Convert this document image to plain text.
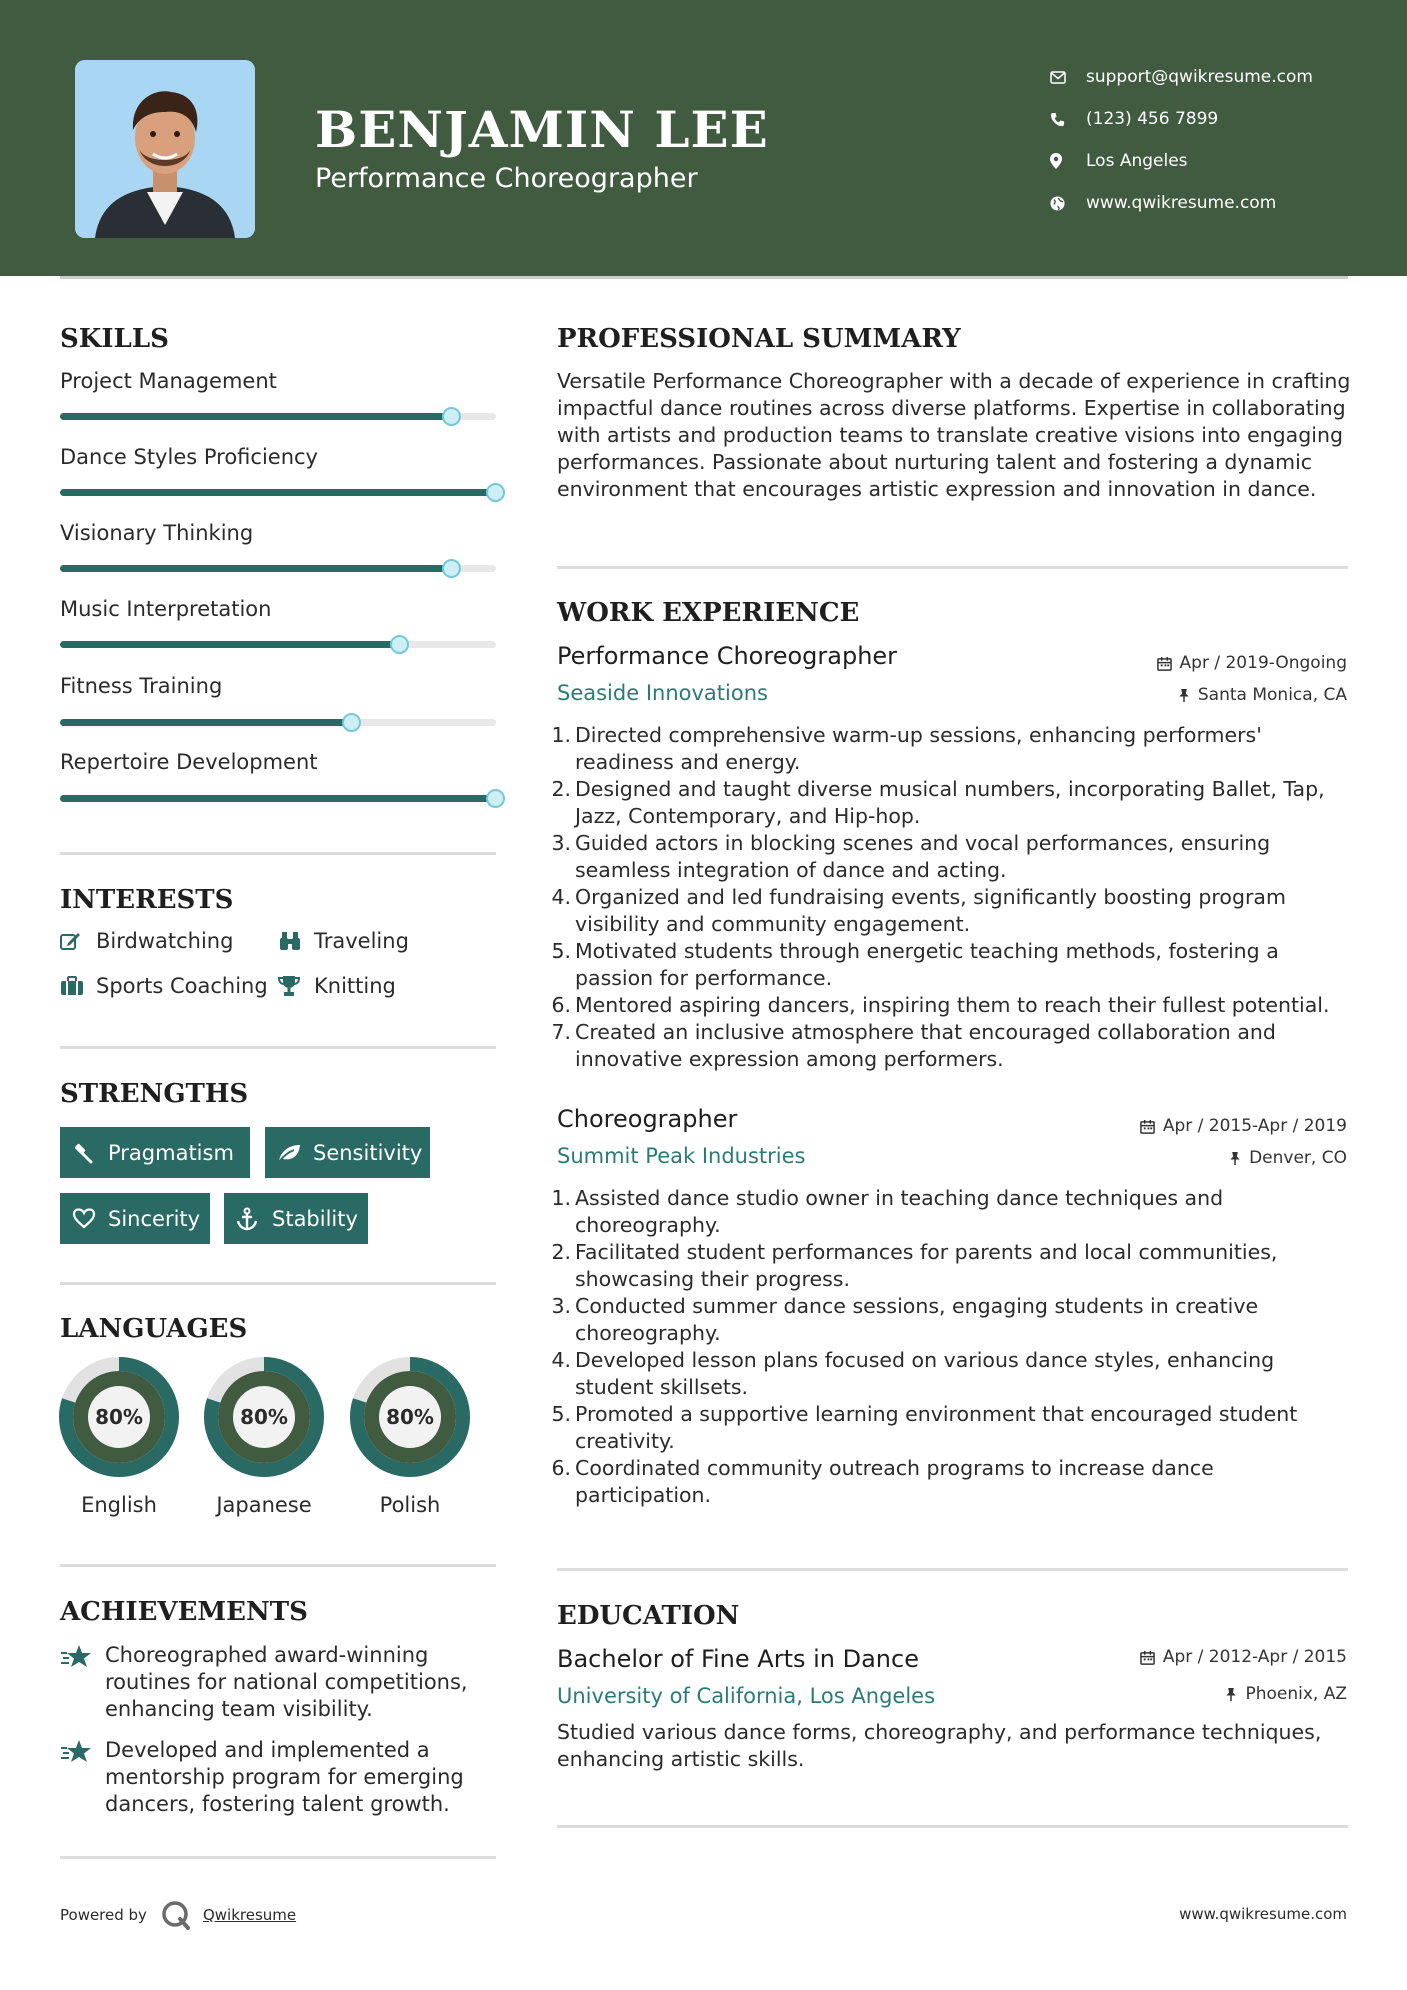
BENJAMIN LEE
Performance Choreographer
support@qwikresume.com
(123) 456 7899
Los Angeles
www.qwikresume.com
SKILLS
Project Management
Dance Styles Proficiency
Visionary Thinking
Music Interpretation
Fitness Training
Repertoire Development
INTERESTS
Birdwatching	Traveling
Sports Coaching Knitting
STRENGTHS
Pragmatism	Sensitivity
Sincerity	Stability
LANGUAGES
80%	80%	80%
English	Japanese	Polish
ACHIEVEMENTS
Choreographed award-winning routines for national competitions, enhancing team visibility.
Developed and implemented a mentorship program for emerging dancers, fostering talent growth.
PROFESSIONAL SUMMARY
Versatile Performance Choreographer with a decade of experience in crafting impactful dance routines across diverse platforms. Expertise in collaborating with artists and production teams to translate creative visions into engaging performances. Passionate about nurturing talent and fostering a dynamic environment that encourages artistic expression and innovation in dance.
WORK EXPERIENCE
Performance Choreographer
Seaside Innovations
Apr / 2019-Ongoing
Santa Monica, CA
1. Directed comprehensive warm-up sessions, enhancing performers' readiness and energy.
2. Designed and taught diverse musical numbers, incorporating Ballet, Tap, Jazz, Contemporary, and Hip-hop.
3. Guided actors in blocking scenes and vocal performances, ensuring seamless integration of dance and acting.
4. Organized and led fundraising events, significantly boosting program visibility and community engagement.
5. Motivated students through energetic teaching methods, fostering a passion for performance.
6. Mentored aspiring dancers, inspiring them to reach their fullest potential.
7. Created an inclusive atmosphere that encouraged collaboration and innovative expression among performers.
Choreographer
Summit Peak Industries
Apr / 2015-Apr / 2019
Denver, CO
1. Assisted dance studio owner in teaching dance techniques and choreography.
2. Facilitated student performances for parents and local communities, showcasing their progress.
3. Conducted summer dance sessions, engaging students in creative choreography.
4. Developed lesson plans focused on various dance styles, enhancing student skillsets.
5. Promoted a supportive learning environment that encouraged student creativity.
6. Coordinated community outreach programs to increase dance participation.
EDUCATION
Bachelor of Fine Arts in Dance
University of California, Los Angeles
Apr / 2012-Apr / 2015
Phoenix, AZ
Studied various dance forms, choreography, and performance techniques, enhancing artistic skills.
Powered by	Qwikresume	www.qwikresume.com
